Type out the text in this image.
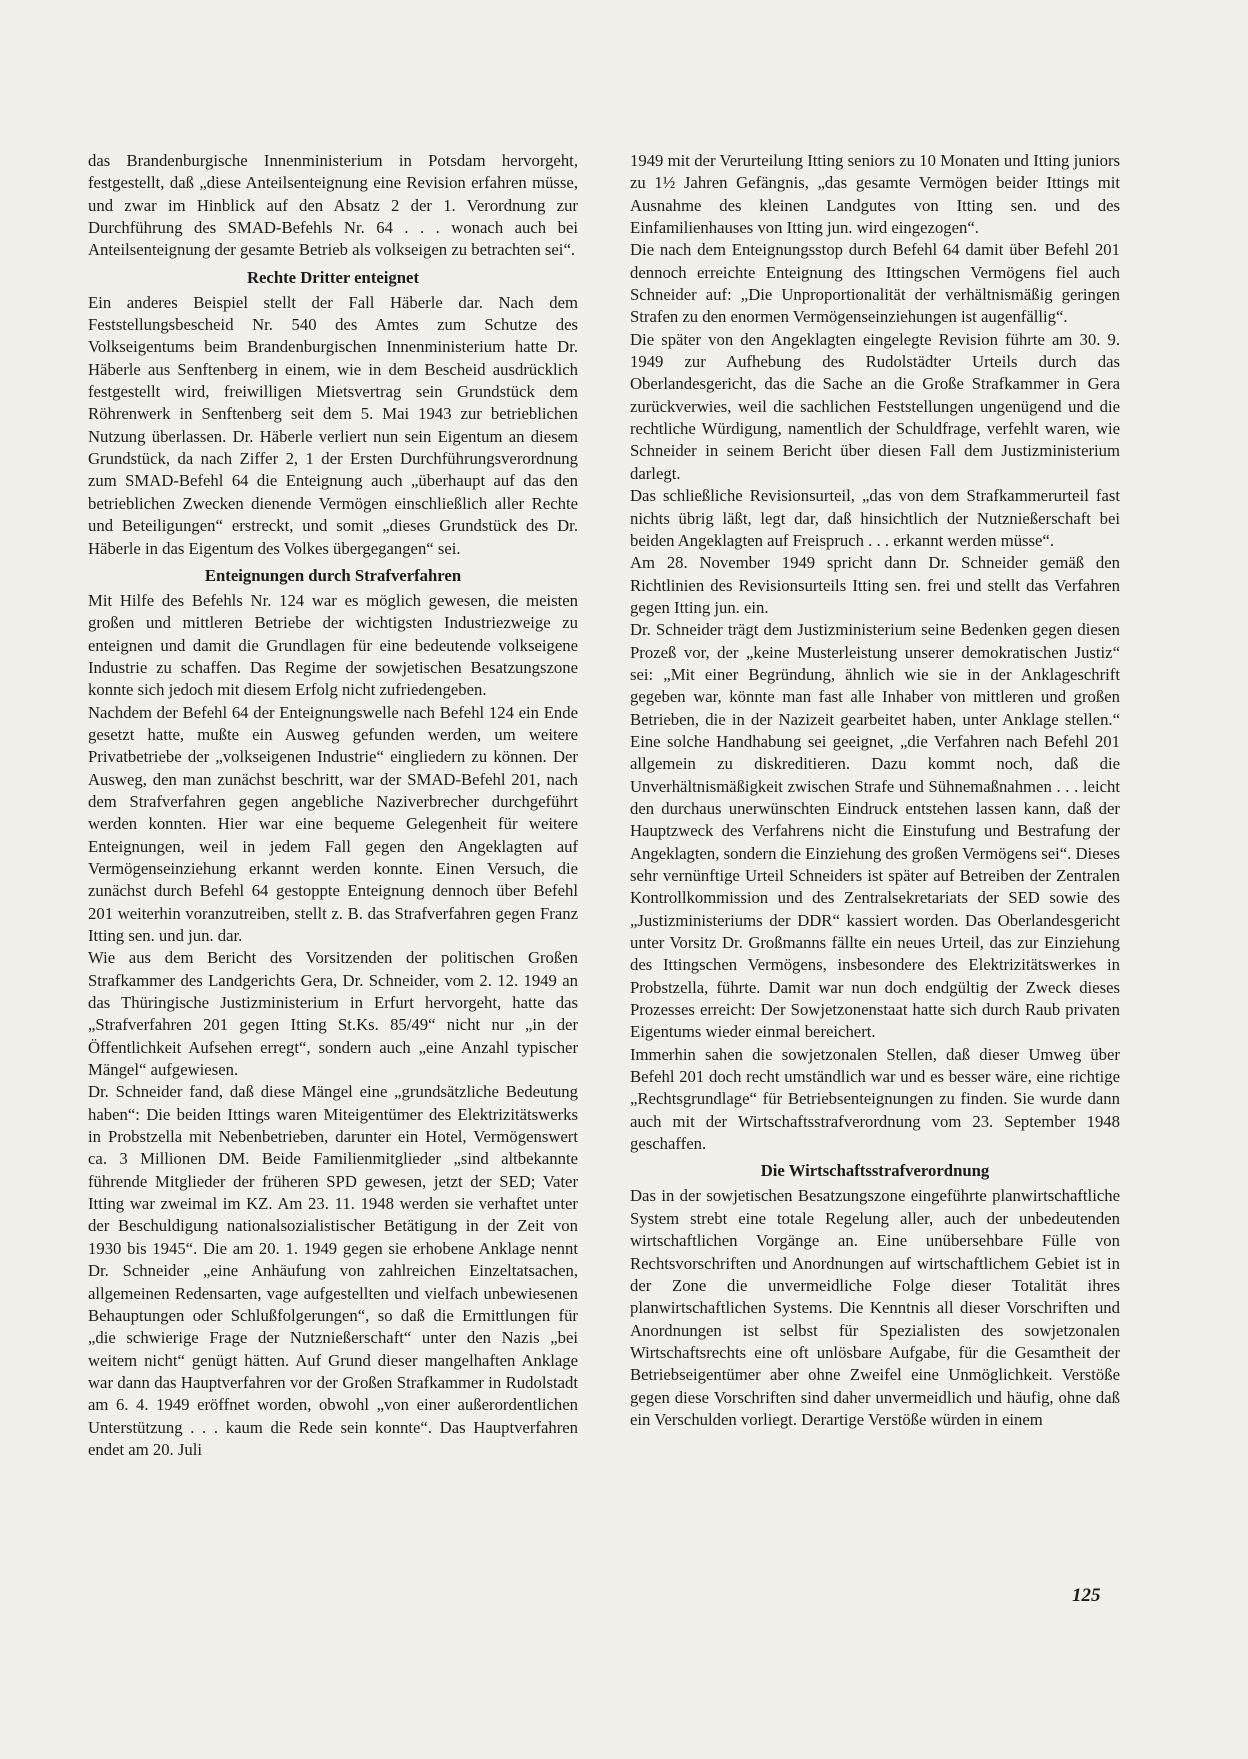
das Brandenburgische Innenministerium in Potsdam hervorgeht, festgestellt, daß „diese Anteilsenteignung eine Revision erfahren müsse, und zwar im Hinblick auf den Absatz 2 der 1. Verordnung zur Durchführung des SMAD-Befehls Nr. 64 . . . wonach auch bei Anteilsenteignung der gesamte Betrieb als volkseigen zu betrachten sei“.

Rechte Dritter enteignet

Ein anderes Beispiel stellt der Fall Häberle dar. Nach dem Feststellungsbescheid Nr. 540 des Amtes zum Schutze des Volkseigentums beim Brandenburgischen Innenministerium hatte Dr. Häberle aus Senftenberg in einem, wie in dem Bescheid ausdrücklich festgestellt wird, freiwilligen Mietsvertrag sein Grundstück dem Röhrenwerk in Senftenberg seit dem 5. Mai 1943 zur betrieblichen Nutzung überlassen. Dr. Häberle verliert nun sein Eigentum an diesem Grundstück, da nach Ziffer 2, 1 der Ersten Durchführungsverordnung zum SMAD-Befehl 64 die Enteignung auch „überhaupt auf das den betrieblichen Zwecken dienende Vermögen einschließlich aller Rechte und Beteiligungen“ erstreckt, und somit „dieses Grundstück des Dr. Häberle in das Eigentum des Volkes übergegangen“ sei.

Enteignungen durch Strafverfahren

Mit Hilfe des Befehls Nr. 124 war es möglich gewesen, die meisten großen und mittleren Betriebe der wichtigsten Industriezweige zu enteignen und damit die Grundlagen für eine bedeutende volkseigene Industrie zu schaffen. Das Regime der sowjetischen Besatzungszone konnte sich jedoch mit diesem Erfolg nicht zufriedengeben.

Nachdem der Befehl 64 der Enteignungswelle nach Befehl 124 ein Ende gesetzt hatte, mußte ein Ausweg gefunden werden, um weitere Privatbetriebe der „volkseigenen Industrie“ eingliedern zu können. Der Ausweg, den man zunächst beschritt, war der SMAD-Befehl 201, nach dem Strafverfahren gegen angebliche Naziverbrecher durchgeführt werden konnten. Hier war eine bequeme Gelegenheit für weitere Enteignungen, weil in jedem Fall gegen den Angeklagten auf Vermögenseinziehung erkannt werden konnte. Einen Versuch, die zunächst durch Befehl 64 gestoppte Enteignung dennoch über Befehl 201 weiterhin voranzutreiben, stellt z. B. das Strafverfahren gegen Franz Itting sen. und jun. dar.

Wie aus dem Bericht des Vorsitzenden der politischen Großen Strafkammer des Landgerichts Gera, Dr. Schneider, vom 2. 12. 1949 an das Thüringische Justizministerium in Erfurt hervorgeht, hatte das „Strafverfahren 201 gegen Itting St.Ks. 85/49“ nicht nur „in der Öffentlichkeit Aufsehen erregt“, sondern auch „eine Anzahl typischer Mängel“ aufgewiesen.

Dr. Schneider fand, daß diese Mängel eine „grundsätzliche Bedeutung haben“: Die beiden Ittings waren Miteigentümer des Elektrizitätswerks in Probstzella mit Nebenbetrieben, darunter ein Hotel, Vermögenswert ca. 3 Millionen DM. Beide Familienmitglieder „sind altbekannte führende Mitglieder der früheren SPD gewesen, jetzt der SED; Vater Itting war zweimal im KZ. Am 23. 11. 1948 werden sie verhaftet unter der Beschuldigung nationalsozialistischer Betätigung in der Zeit von 1930 bis 1945“. Die am 20. 1. 1949 gegen sie erhobene Anklage nennt Dr. Schneider „eine Anhäufung von zahlreichen Einzeltatsachen, allgemeinen Redensarten, vage aufgestellten und vielfach unbewiesenen Behauptungen oder Schlußfolgerungen“, so daß die Ermittlungen für „die schwierige Frage der Nutznießerschaft“ unter den Nazis „bei weitem nicht“ genügt hätten. Auf Grund dieser mangelhaften Anklage war dann das Hauptverfahren vor der Großen Strafkammer in Rudolstadt am 6. 4. 1949 eröffnet worden, obwohl „von einer außerordentlichen Unterstützung . . . kaum die Rede sein konnte“. Das Hauptverfahren endet am 20. Juli

1949 mit der Verurteilung Itting seniors zu 10 Monaten und Itting juniors zu 1½ Jahren Gefängnis, „das gesamte Vermögen beider Ittings mit Ausnahme des kleinen Landgutes von Itting sen. und des Einfamilienhauses von Itting jun. wird eingezogen“.

Die nach dem Enteignungsstop durch Befehl 64 damit über Befehl 201 dennoch erreichte Enteignung des Ittingschen Vermögens fiel auch Schneider auf: „Die Unproportionalität der verhältnismäßig geringen Strafen zu den enormen Vermögenseinziehungen ist augenfällig“.

Die später von den Angeklagten eingelegte Revision führte am 30. 9. 1949 zur Aufhebung des Rudolstädter Urteils durch das Oberlandesgericht, das die Sache an die Große Strafkammer in Gera zurückverwies, weil die sachlichen Feststellungen ungenügend und die rechtliche Würdigung, namentlich der Schuldfrage, verfehlt waren, wie Schneider in seinem Bericht über diesen Fall dem Justizministerium darlegt.

Das schließliche Revisionsurteil, „das von dem Strafkammerurteil fast nichts übrig läßt, legt dar, daß hinsichtlich der Nutznießerschaft bei beiden Angeklagten auf Freispruch . . . erkannt werden müsse“.

Am 28. November 1949 spricht dann Dr. Schneider gemäß den Richtlinien des Revisionsurteils Itting sen. frei und stellt das Verfahren gegen Itting jun. ein.

Dr. Schneider trägt dem Justizministerium seine Bedenken gegen diesen Prozeß vor, der „keine Musterleistung unserer demokratischen Justiz“ sei: „Mit einer Begründung, ähnlich wie sie in der Anklageschrift gegeben war, könnte man fast alle Inhaber von mittleren und großen Betrieben, die in der Nazizeit gearbeitet haben, unter Anklage stellen.“ Eine solche Handhabung sei geeignet, „die Verfahren nach Befehl 201 allgemein zu diskreditieren. Dazu kommt noch, daß die Unverhältnismäßigkeit zwischen Strafe und Sühnemaßnahmen . . . leicht den durchaus unerwünschten Eindruck entstehen lassen kann, daß der Hauptzweck des Verfahrens nicht die Einstufung und Bestrafung der Angeklagten, sondern die Einziehung des großen Vermögens sei“. Dieses sehr vernünftige Urteil Schneiders ist später auf Betreiben der Zentralen Kontrollkommission und des Zentralsekretariats der SED sowie des „Justizministeriums der DDR“ kassiert worden. Das Oberlandesgericht unter Vorsitz Dr. Großmanns fällte ein neues Urteil, das zur Einziehung des Ittingschen Vermögens, insbesondere des Elektrizitätswerkes in Probstzella, führte. Damit war nun doch endgültig der Zweck dieses Prozesses erreicht: Der Sowjetzonenstaat hatte sich durch Raub privaten Eigentums wieder einmal bereichert.

Immerhin sahen die sowjetzonalen Stellen, daß dieser Umweg über Befehl 201 doch recht umständlich war und es besser wäre, eine richtige „Rechtsgrundlage“ für Betriebsenteignungen zu finden. Sie wurde dann auch mit der Wirtschaftsstrafverordnung vom 23. September 1948 geschaffen.

Die Wirtschaftsstrafverordnung

Das in der sowjetischen Besatzungszone eingeführte planwirtschaftliche System strebt eine totale Regelung aller, auch der unbedeutenden wirtschaftlichen Vorgänge an. Eine unübersehbare Fülle von Rechtsvorschriften und Anordnungen auf wirtschaftlichem Gebiet ist in der Zone die unvermeidliche Folge dieser Totalität ihres planwirtschaftlichen Systems. Die Kenntnis all dieser Vorschriften und Anordnungen ist selbst für Spezialisten des sowjetzonalen Wirtschaftsrechts eine oft unlösbare Aufgabe, für die Gesamtheit der Betriebseigentümer aber ohne Zweifel eine Unmöglichkeit. Verstöße gegen diese Vorschriften sind daher unvermeidlich und häufig, ohne daß ein Verschulden vorliegt. Derartige Verstöße würden in einem

125
